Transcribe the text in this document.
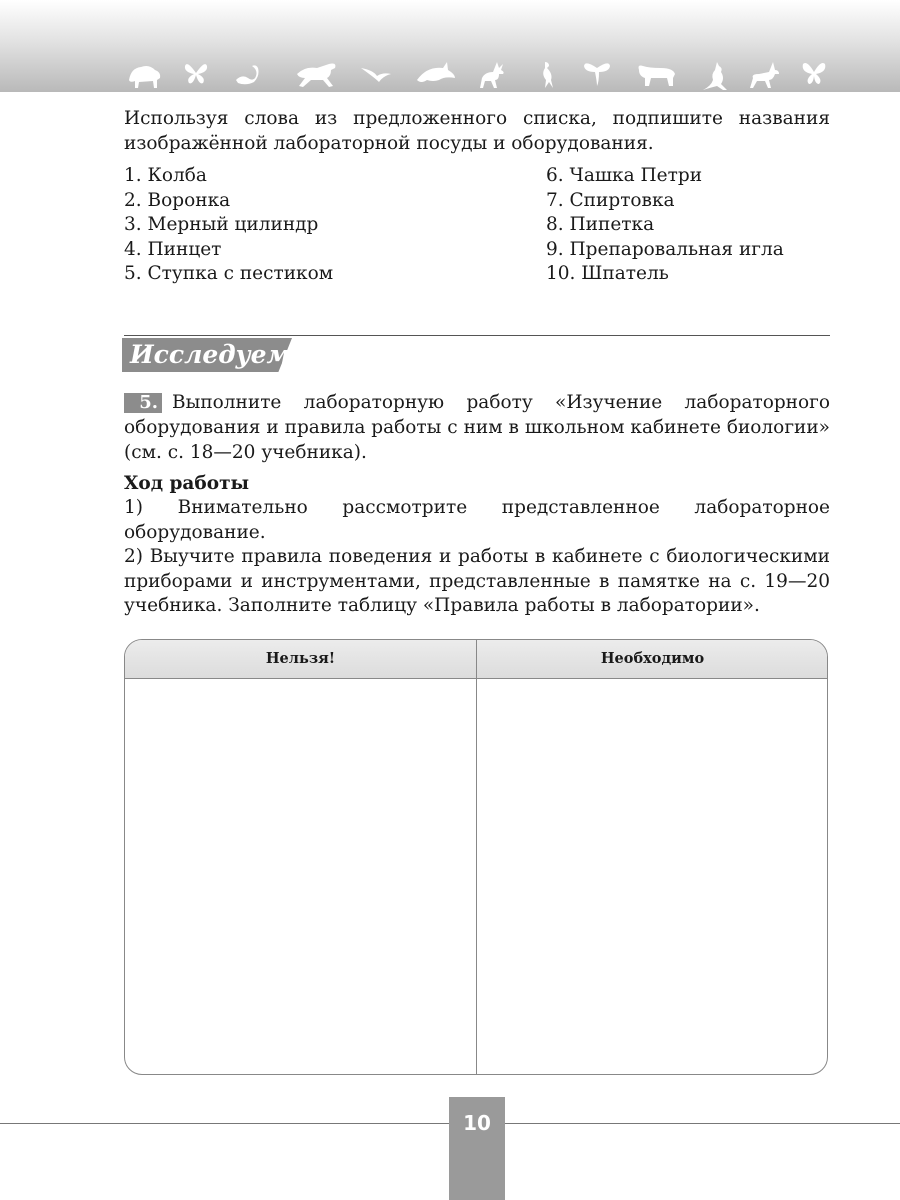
Используя слова из предложенного списка, подпишите названия изображённой лабораторной посуды и оборудования.

1. Колба
2. Воронка
3. Мерный цилиндр
4. Пинцет
5. Ступка с пестиком
6. Чашка Петри
7. Спиртовка
8. Пипетка
9. Препаровальная игла
10. Шпатель
Исследуем

Выполните лабораторную работу «Изучение лабораторного оборудования и правила работы с ним в школьном кабинете биологии» (см. с. 18—20 учебника).

5.
Ход работы

1) Внимательно рассмотрите представленное лабораторное оборудование.

2) Выучите правила поведения и работы в кабинете с биологическими приборами и инструментами, представленные в памятке на с. 19—20 учебника. Заполните таблицу «Правила работы в лаборатории».

Нельзя!	Необходимо
10
